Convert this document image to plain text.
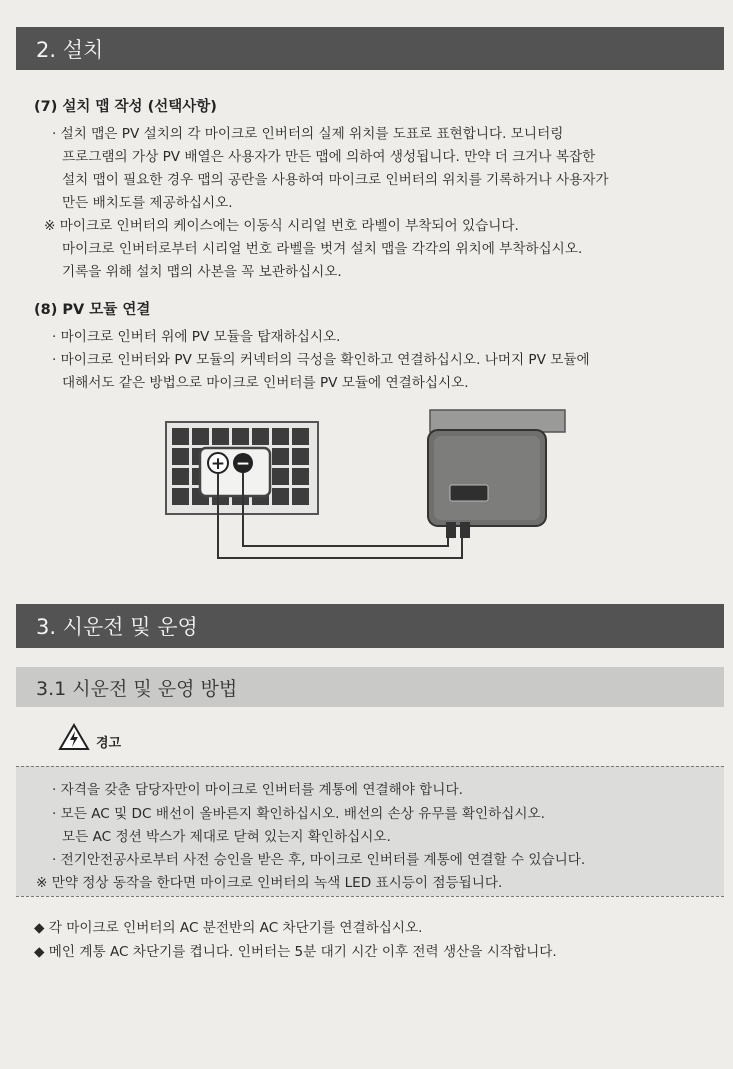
2. 설치
(7) 설치 맵 작성 (선택사항)
· 설치 맵은 PV 설치의 각 마이크로 인버터의 실제 위치를 도표로 표현합니다. 모니터링
프로그램의 가상 PV 배열은 사용자가 만든 맵에 의하여 생성됩니다. 만약 더 크거나 복잡한
설치 맵이 필요한 경우 맵의 공란을 사용하여 마이크로 인버터의 위치를 기록하거나 사용자가
만든 배치도를 제공하십시오.
※ 마이크로 인버터의 케이스에는 이동식 시리얼 번호 라벨이 부착되어 있습니다.
마이크로 인버터로부터 시리얼 번호 라벨을 벗겨 설치 맵을 각각의 위치에 부착하십시오.
기록을 위해 설치 맵의 사본을 꼭 보관하십시오.
(8) PV 모듈 연결
· 마이크로 인버터 위에 PV 모듈을 탑재하십시오.
· 마이크로 인버터와 PV 모듈의 커넥터의 극성을 확인하고 연결하십시오. 나머지 PV 모듈에
대해서도 같은 방법으로 마이크로 인버터를 PV 모듈에 연결하십시오.
+ −
3. 시운전 및 운영
3.1 시운전 및 운영 방법
경고
· 자격을 갖춘 담당자만이 마이크로 인버터를 계통에 연결해야 합니다.
· 모든 AC 및 DC 배선이 올바른지 확인하십시오. 배선의 손상 유무를 확인하십시오.
모든 AC 정션 박스가 제대로 닫혀 있는지 확인하십시오.
· 전기안전공사로부터 사전 승인을 받은 후, 마이크로 인버터를 계통에 연결할 수 있습니다.
※ 만약 정상 동작을 한다면 마이크로 인버터의 녹색 LED 표시등이 점등됩니다.
◆ 각 마이크로 인버터의 AC 분전반의 AC 차단기를 연결하십시오.
◆ 메인 계통 AC 차단기를 켭니다. 인버터는 5분 대기 시간 이후 전력 생산을 시작합니다.
